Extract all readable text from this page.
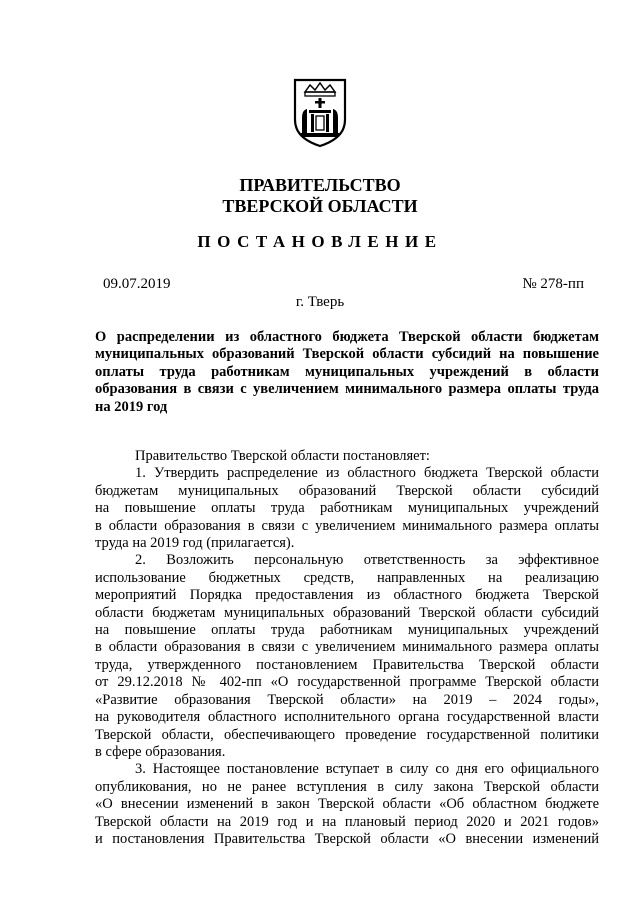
ПРАВИТЕЛЬСТВО
ТВЕРСКОЙ ОБЛАСТИ
ПОСТАНОВЛЕНИЕ
09.07.2019	№ 278-пп
г. Тверь
О распределении из областного бюджета Тверской области бюджетам
муниципальных образований Тверской области субсидий на повышение
оплаты труда работникам муниципальных учреждений в области
образования в связи с увеличением минимального размера оплаты труда
на 2019 год
Правительство Тверской области постановляет:
1. Утвердить распределение из областного бюджета Тверской области
бюджетам муниципальных образований Тверской области субсидий
на повышение оплаты труда работникам муниципальных учреждений
в области образования в связи с увеличением минимального размера оплаты
труда на 2019 год (прилагается).
2. Возложить персональную ответственность за эффективное
использование бюджетных средств, направленных на реализацию
мероприятий Порядка предоставления из областного бюджета Тверской
области бюджетам муниципальных образований Тверской области субсидий
на повышение оплаты труда работникам муниципальных учреждений
в области образования в связи с увеличением минимального размера оплаты
труда, утвержденного постановлением Правительства Тверской области
от 29.12.2018 № 402-пп «О государственной программе Тверской области
«Развитие образования Тверской области» на 2019 – 2024 годы»,
на руководителя областного исполнительного органа государственной власти
Тверской области, обеспечивающего проведение государственной политики
в сфере образования.
3. Настоящее постановление вступает в силу со дня его официального
опубликования, но не ранее вступления в силу закона Тверской области
«О внесении изменений в закон Тверской области «Об областном бюджете
Тверской области на 2019 год и на плановый период 2020 и 2021 годов»
и постановления Правительства Тверской области «О внесении изменений
